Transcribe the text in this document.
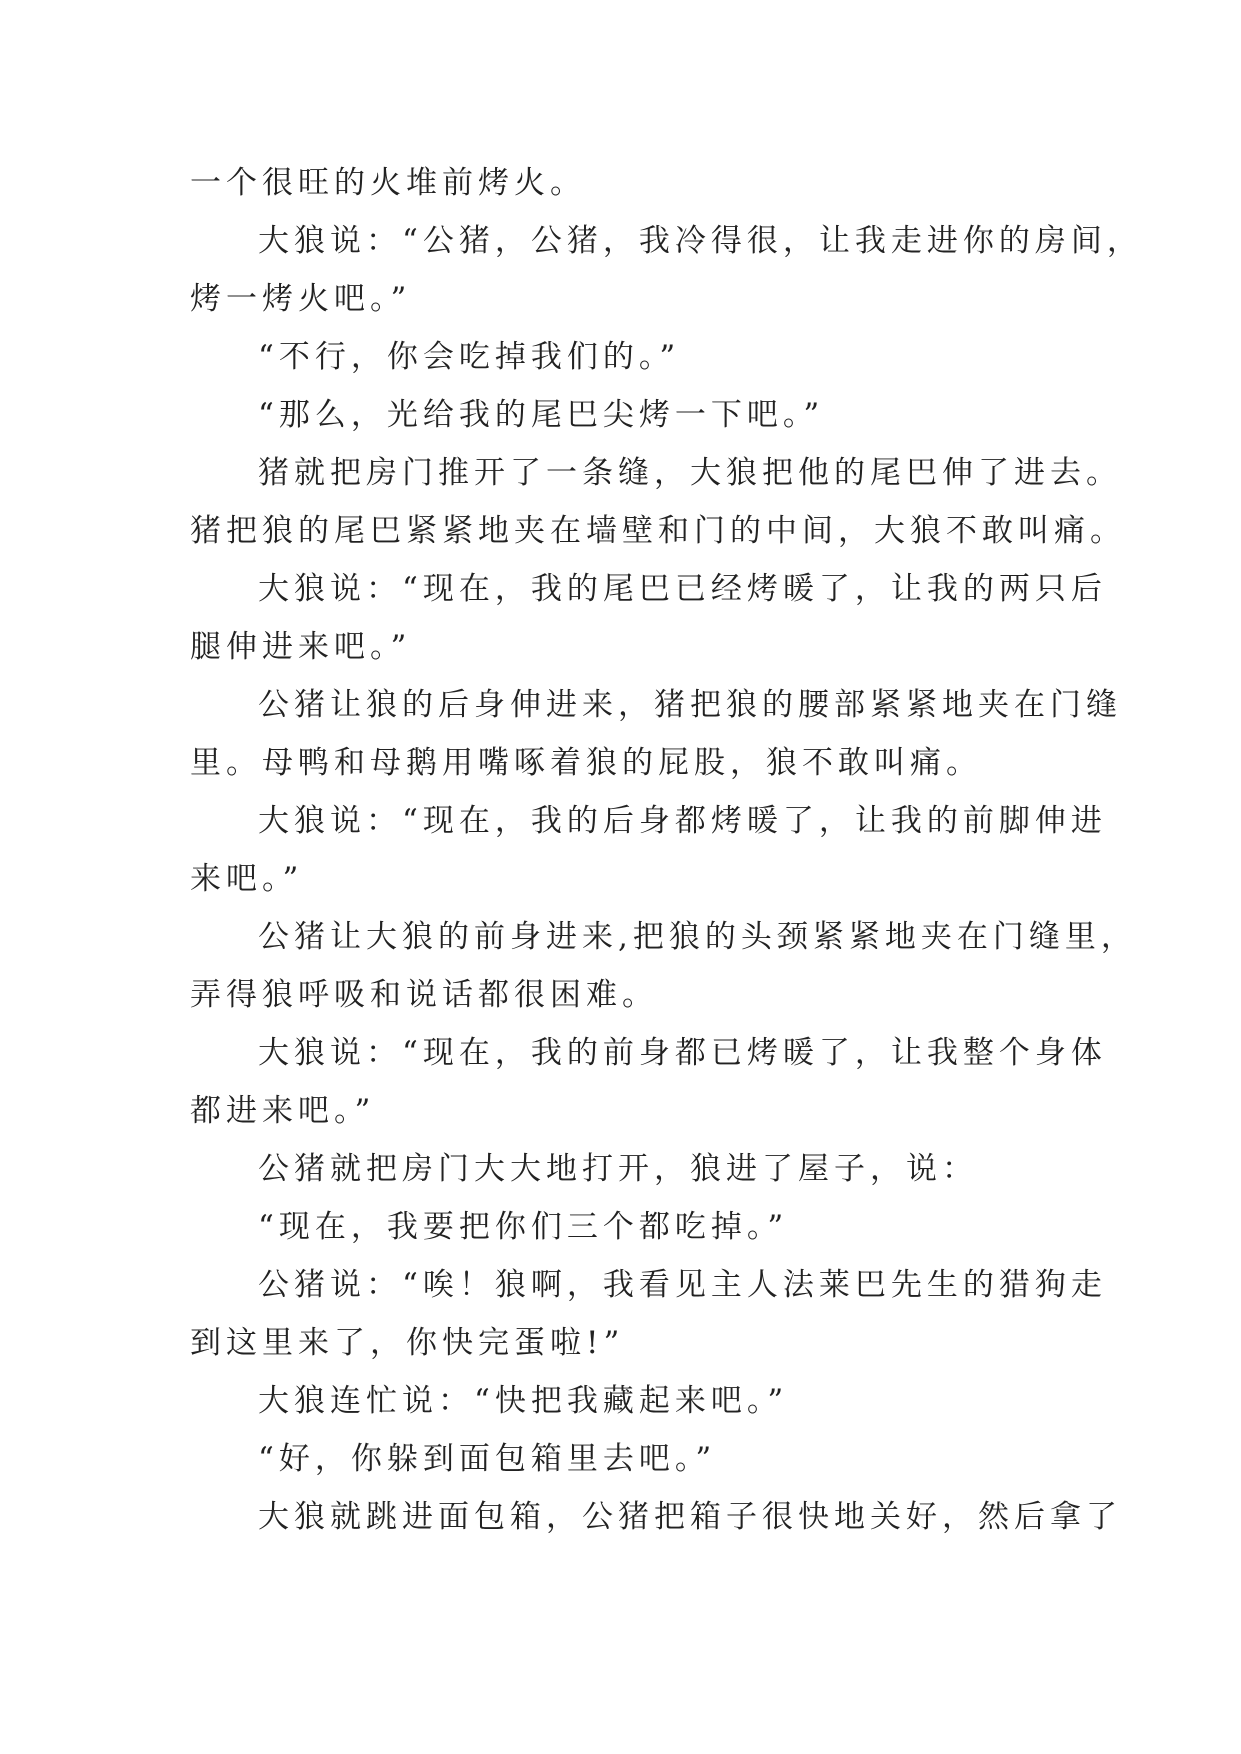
一个很旺的火堆前烤火。
大狼说：“公猪，公猪，我冷得很，让我走进你的房间，
烤一烤火吧。”
“不行，你会吃掉我们的。”
“那么，光给我的尾巴尖烤一下吧。”
猪就把房门推开了一条缝，大狼把他的尾巴伸了进去。
猪把狼的尾巴紧紧地夹在墙壁和门的中间，大狼不敢叫痛。
大狼说：“现在，我的尾巴已经烤暖了，让我的两只后
腿伸进来吧。”
公猪让狼的后身伸进来，猪把狼的腰部紧紧地夹在门缝
里。母鸭和母鹅用嘴啄着狼的屁股，狼不敢叫痛。
大狼说：“现在，我的后身都烤暖了，让我的前脚伸进
来吧。”
公猪让大狼的前身进来,把狼的头颈紧紧地夹在门缝里，
弄得狼呼吸和说话都很困难。
大狼说：“现在，我的前身都已烤暖了，让我整个身体
都进来吧。”
公猪就把房门大大地打开，狼进了屋子，说：
“现在，我要把你们三个都吃掉。”
公猪说：“唉！狼啊，我看见主人法莱巴先生的猎狗走
到这里来了，你快完蛋啦!”
大狼连忙说：“快把我藏起来吧。”
“好，你躲到面包箱里去吧。”
大狼就跳进面包箱，公猪把箱子很快地关好，然后拿了
